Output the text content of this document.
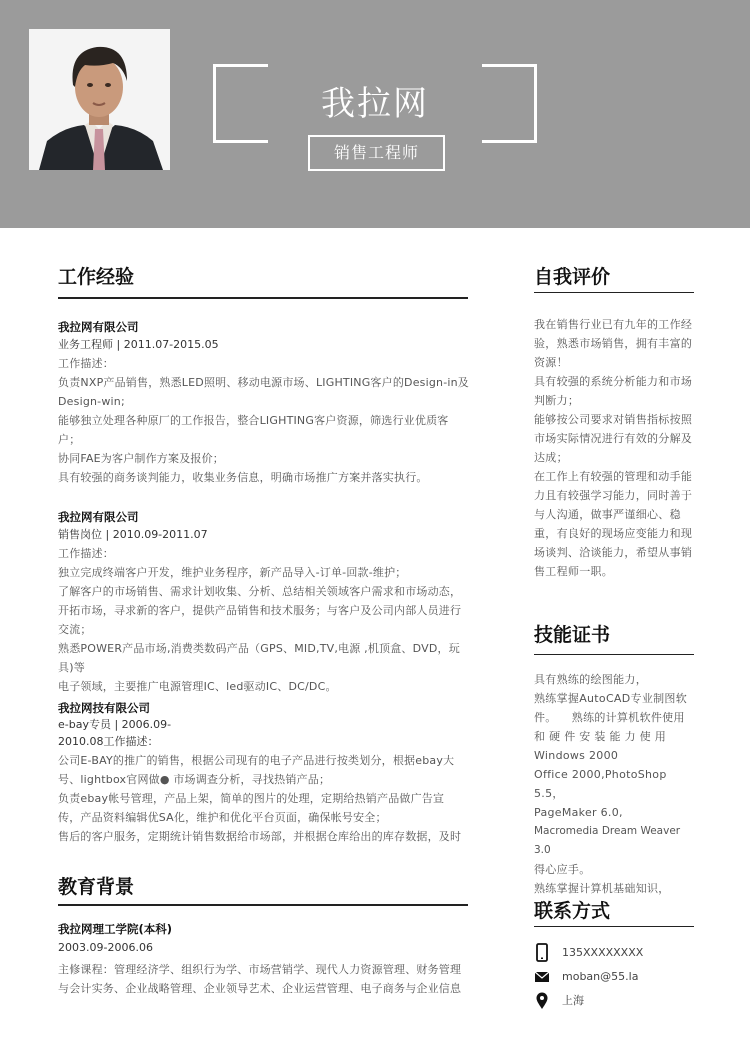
我拉网
销售工程师
工作经验
我拉网有限公司
业务工程师 | 2011.07-2015.05
工作描述：
负责NXP产品销售，熟悉LED照明、移动电源市场、LIGHTING客户的Design-in及
Design-win;
能够独立处理各种原厂的工作报告，整合LIGHTING客户资源，筛选行业优质客
户；
协同FAE为客户制作方案及报价；
具有较强的商务谈判能力，收集业务信息，明确市场推广方案并落实执行。
我拉网有限公司
销售岗位 | 2010.09-2011.07
工作描述：
独立完成终端客户开发，维护业务程序，新产品导入-订单-回款-维护；
了解客户的市场销售、需求计划收集、分析、总结相关领域客户需求和市场动态，
开拓市场，寻求新的客户，提供产品销售和技术服务；与客户及公司内部人员进行
交流；
熟悉POWER产品市场,消费类数码产品（GPS、MID,TV,电源 ,机顶盒、DVD，玩具)等
电子领域，主要推广电源管理IC、led驱动IC、DC/DC。
我拉网技有限公司
e-bay专员 | 2006.09-
2010.08工作描述：
公司E-BAY的推广的销售，根据公司现有的电子产品进行按类划分，根据ebay大
号、lightbox官网做● 市场调查分析，寻找热销产品；
负责ebay帐号管理，产品上架，简单的图片的处理，定期给热销产品做广告宣
传，产品资料编辑优SA化，维护和优化平台页面，确保帐号安全；
售后的客户服务，定期统计销售数据给市场部，并根据仓库给出的库存数据，及时
教育背景
我拉网理工学院(本科)
2003.09-2006.06
主修课程：管理经济学、组织行为学、市场营销学、现代人力资源管理、财务管理
与会计实务、企业战略管理、企业领导艺术、企业运营管理、电子商务与企业信息
自我评价
我在销售行业已有九年的工作经
验，熟悉市场销售，拥有丰富的
资源！
具有较强的系统分析能力和市场
判断力；
能够按公司要求对销售指标按照
市场实际情况进行有效的分解及
达成；
在工作上有较强的管理和动手能
力且有较强学习能力，同时善于
与人沟通，做事严谨细心、稳
重，有良好的现场应变能力和现
场谈判、洽谈能力，希望从事销
售工程师一职。
技能证书
具有熟练的绘图能力，
熟练掌握AutoCAD专业制图软
件。    熟练的计算机软件使用
和 硬 件 安 装 能 力 使 用
Windows 2000
Office 2000,PhotoShop 5.5，
PageMaker 6.0,
Macromedia Dream Weaver 3.0
得心应手。
熟练掌握计算机基础知识，
联系方式
135XXXXXXXX
moban@55.la
上海
